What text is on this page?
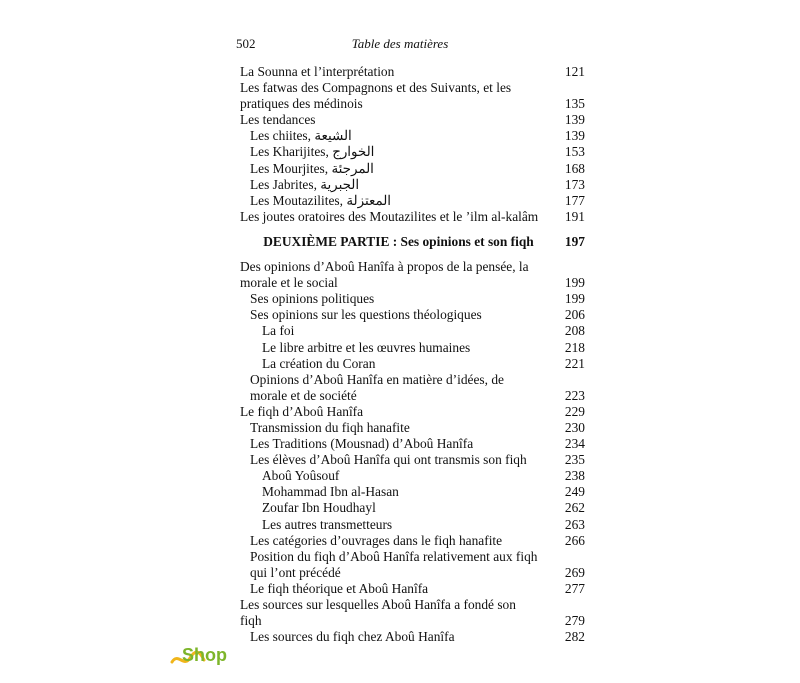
502	Table des matières
La Sounna et l’interprétation	121
Les fatwas des Compagnons et des Suivants, et les pratiques des médinois	135
Les tendances	139
Les chiites, الشيعة	139
Les Kharijites, الخوارج	153
Les Mourjites, المرجئة	168
Les Jabrites, الجبرية	173
Les Moutazilites, المعتزلة	177
Les joutes oratoires des Moutazilites et le ’ilm al-kalâm	191
DEUXIÈME PARTIE : Ses opinions et son fiqh	197
Des opinions d’Aboû Hanîfa à propos de la pensée, la morale et le social	199
Ses opinions politiques	199
Ses opinions sur les questions théologiques	206
La foi	208
Le libre arbitre et les œuvres humaines	218
La création du Coran	221
Opinions d’Aboû Hanîfa en matière d’idées, de morale et de société	223
Le fiqh d’Aboû Hanîfa	229
Transmission du fiqh hanafite	230
Les Traditions (Mousnad) d’Aboû Hanîfa	234
Les élèves d’Aboû Hanîfa qui ont transmis son fiqh	235
Aboû Yoûsouf	238
Mohammad Ibn al-Hasan	249
Zoufar Ibn Houdhayl	262
Les autres transmetteurs	263
Les catégories d’ouvrages dans le fiqh hanafite	266
Position du fiqh d’Aboû Hanîfa relativement aux fiqh qui l’ont précédé	269
Le fiqh théorique et Aboû Hanîfa	277
Les sources sur lesquelles Aboû Hanîfa a fondé son fiqh	279
Les sources du fiqh chez Aboû Hanîfa	282
Shop
